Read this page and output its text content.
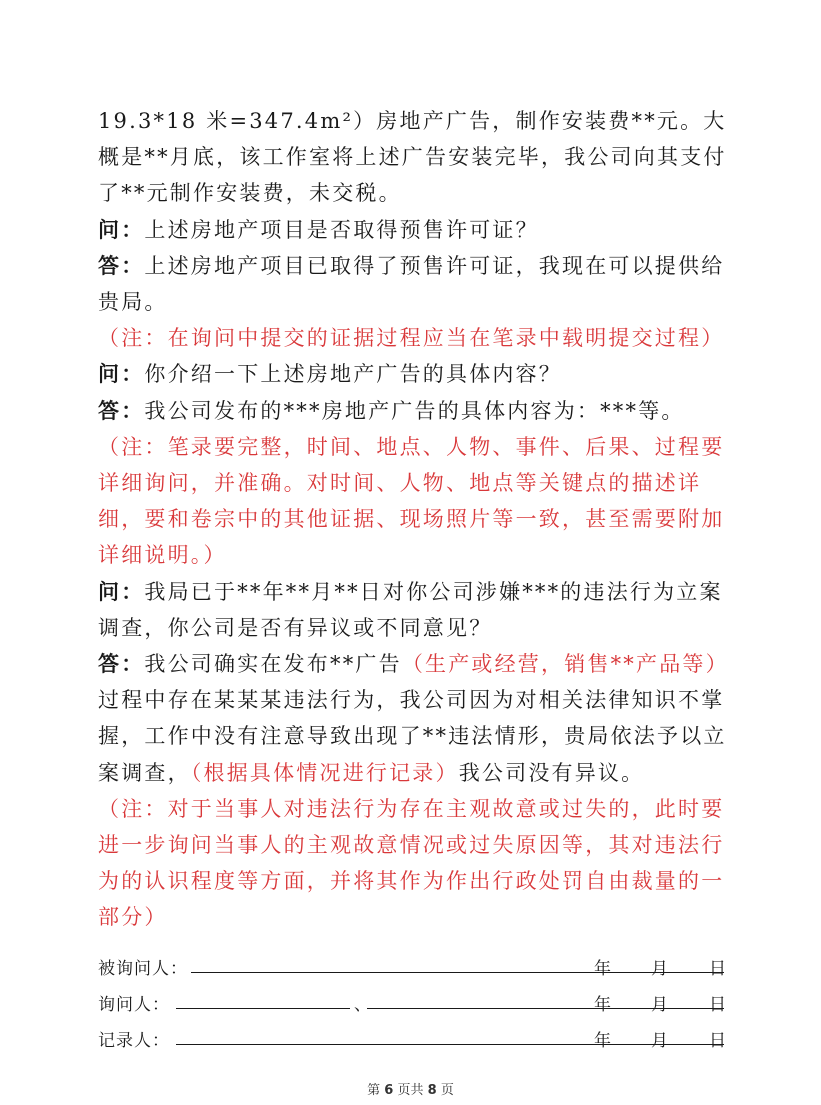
19.3*18 米=347.4m²）房地产广告，制作安装费**元。大概是**月底，该工作室将上述广告安装完毕，我公司向其支付了**元制作安装费，未交税。

问：上述房地产项目是否取得预售许可证？

答：上述房地产项目已取得了预售许可证，我现在可以提供给贵局。

（注：在询问中提交的证据过程应当在笔录中载明提交过程）

问：你介绍一下上述房地产广告的具体内容？

答：我公司发布的***房地产广告的具体内容为：***等。

（注：笔录要完整，时间、地点、人物、事件、后果、过程要详细询问，并准确。对时间、人物、地点等关键点的描述详细，要和卷宗中的其他证据、现场照片等一致，甚至需要附加详细说明。）

问：我局已于**年**月**日对你公司涉嫌***的违法行为立案调查，你公司是否有异议或不同意见？

答：我公司确实在发布**广告（生产或经营，销售**产品等）过程中存在某某某违法行为，我公司因为对相关法律知识不掌握，工作中没有注意导致出现了**违法情形，贵局依法予以立案调查，（根据具体情况进行记录）我公司没有异议。

（注：对于当事人对违法行为存在主观故意或过失的，此时要进一步询问当事人的主观故意情况或过失原因等，其对违法行为的认识程度等方面，并将其作为作出行政处罚自由裁量的一部分）

被询问人：	年 月 日
询问人：	、	年 月 日
记录人：	年 月 日
第 6 页共 8 页
